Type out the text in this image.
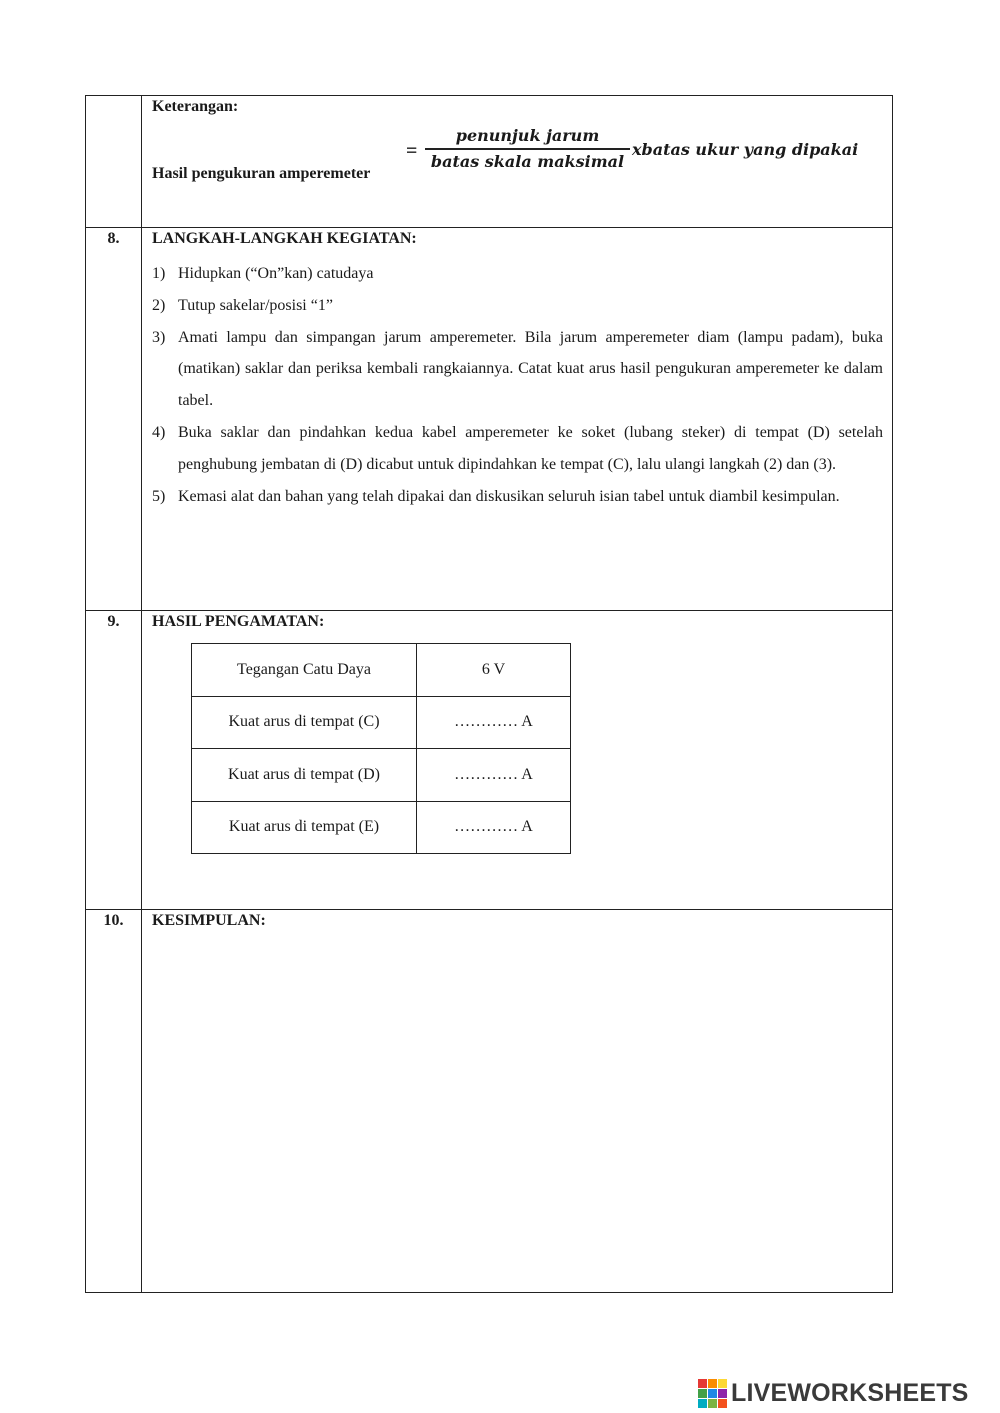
Keterangan:
Hasil pengukuran amperemeter
=
penunjuk jarum
batas skala maksimal
xbatas ukur yang dipakai
8.	LANGKAH-LANGKAH KEGIATAN:
1) Hidupkan (“On”kan) catudaya
2) Tutup sakelar/posisi “1”
3) Amati lampu dan simpangan jarum amperemeter. Bila jarum amperemeter diam (lampu padam), buka (matikan) saklar dan periksa kembali rangkaiannya. Catat kuat arus hasil pengukuran amperemeter ke dalam tabel.
4) Buka saklar dan pindahkan kedua kabel amperemeter ke soket (lubang steker) di tempat (D) setelah penghubung jembatan di (D) dicabut untuk dipindahkan ke tempat (C), lalu ulangi langkah (2) dan (3).
5) Kemasi alat dan bahan yang telah dipakai dan diskusikan seluruh isian tabel untuk diambil kesimpulan.
9.	HASIL PENGAMATAN:
Tegangan Catu Daya	6 V
Kuat arus di tempat (C)	………… A
Kuat arus di tempat (D)	………… A
Kuat arus di tempat (E)	………… A
10.	KESIMPULAN:
LIVEWORKSHEETS
